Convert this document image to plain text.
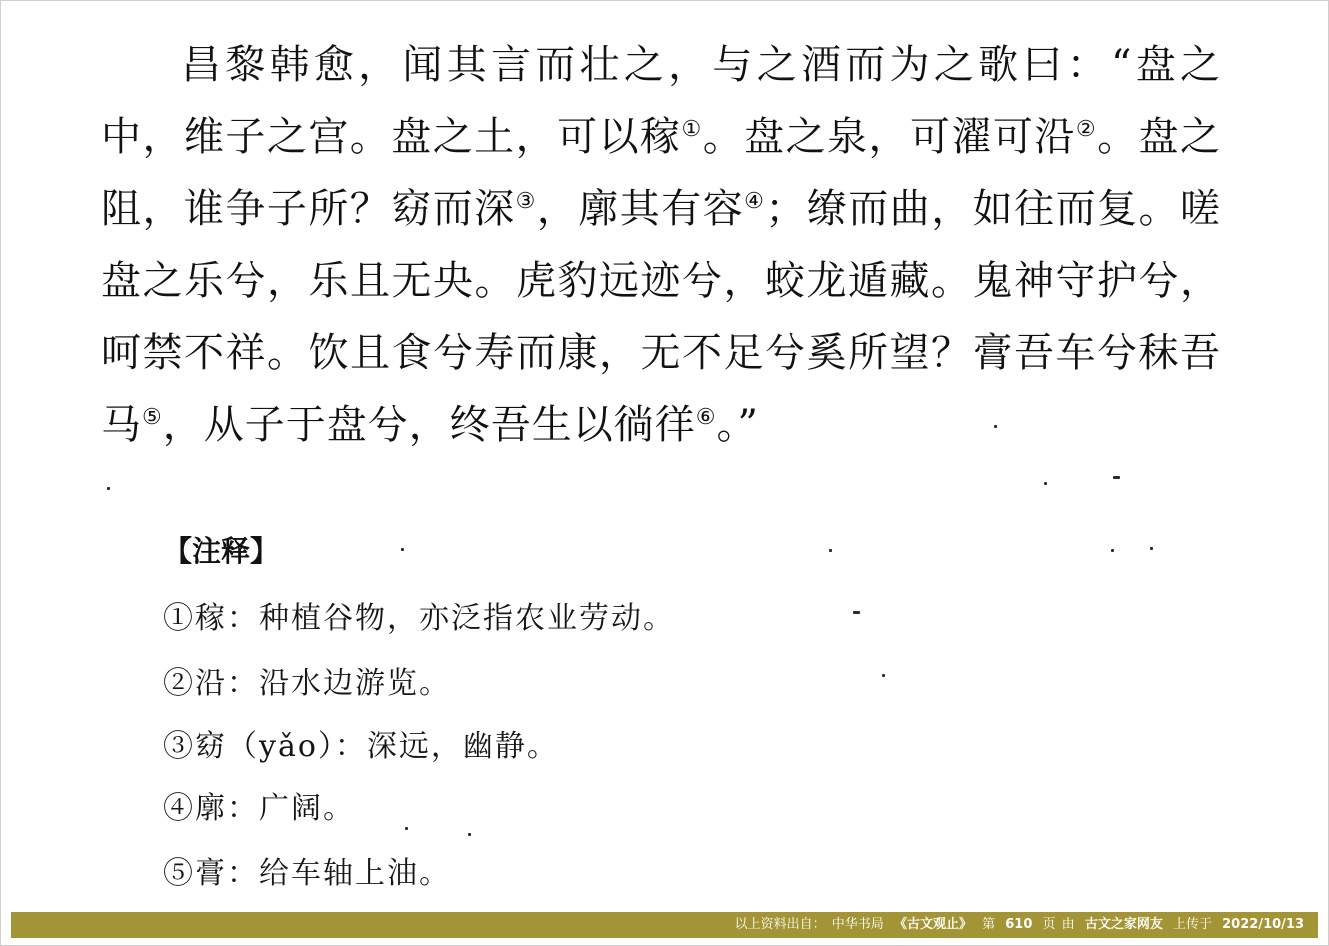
昌黎韩愈，闻其言而壮之，与之酒而为之歌曰：“盘之中，维子之宫。盘之土，可以稼①。盘之泉，可濯可沿②。盘之阻，谁争子所？窈而深③，廓其有容④；缭而曲，如往而复。嗟盘之乐兮，乐且无央。虎豹远迹兮，蛟龙遁藏。鬼神守护兮，呵禁不祥。饮且食兮寿而康，无不足兮奚所望？膏吾车兮秣吾马⑤，从子于盘兮，终吾生以徜徉⑥。”

【注释】
①稼：种植谷物，亦泛指农业劳动。
②沿：沿水边游览。
③窈（yǎo）：深远，幽静。
④廓：广阔。
⑤膏：给车轴上油。
以上资料出自： 中华书局 《古文观止》 第 610 页 由 古文之家网友 上传于 2022/10/13
